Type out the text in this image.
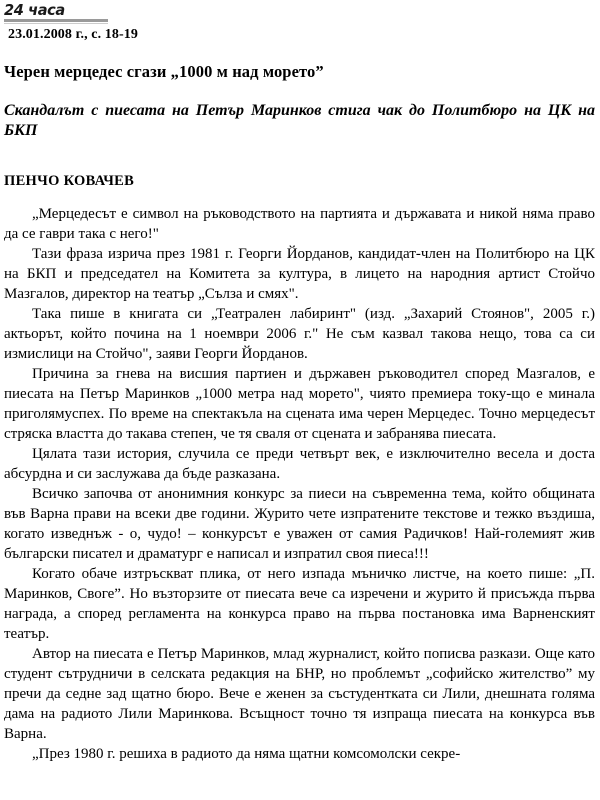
24 часа
23.01.2008 г., с. 18-19
Черен мерцедес сгази „1000 м над морето”
Скандалът с пиесата на Петър Маринков стига чак до Политбюро на ЦК на БКП
ПЕНЧО КОВАЧЕВ

„Мерцедесът е символ на ръководството на партията и държавата и никой няма право да се гаври така с него!"

Тази фраза изрича през 1981 г. Георги Йорданов, кандидат-член на Политбюро на ЦК на БКП и председател на Комитета за култура, в лицето на народния артист Стойчо Мазгалов, директор на театър „Сълза и смях".

Така пише в книгата си „Театрален лабиринт" (изд. „Захарий Стоянов", 2005 г.) актьорът, който почина на 1 ноември 2006 г." Не съм казвал такова нещо, това са си измислици на Стойчо", заяви Георги Йорданов.

Причина за гнева на висшия партиен и държавен ръководител според Мазгалов, е пиесата на Петър Маринков „1000 метра над морето", чиято премиера току-що е минала приголямуспех. По време на спектакъла на сцената има черен Мерцедес. Точно мерцедесът стряска властта до такава степен, че тя сваля от сцената и забранява пиесата.

Цялата тази история, случила се преди четвърт век, е изключително весела и доста абсурдна и си заслужава да бъде разказана.

Всичко започва от анонимния конкурс за пиеси на съвременна тема, който общината във Варна прави на всеки две години. Журито чете изпратените текстове и тежко въздиша, когато изведнъж - о, чудо! – конкурсът е уважен от самия Радичков! Най-големият жив български писател и драматург е написал и изпратил своя пиеса!!!

Когато обаче изтръскват плика, от него изпада мъничко листче, на което пише: „П. Маринков, Своге”. Но възторзите от пиесата вече са изречени и журито й присъжда първа награда, а според регламента на конкурса право на първа постановка има Варненският театър.

Автор на пиесата е Петър Маринков, млад журналист, който пописва разкази. Още като студент сътрудничи в селската редакция на БНР, но проблемът „софийско жителство” му пречи да седне зад щатно бюро. Вече е женен за състудентката си Лили, днешната голяма дама на радиото Лили Маринкова. Всъщност точно тя изпраща пиесата на конкурса във Варна.

„През 1980 г. решиха в радиото да няма щатни комсомолски секре-
